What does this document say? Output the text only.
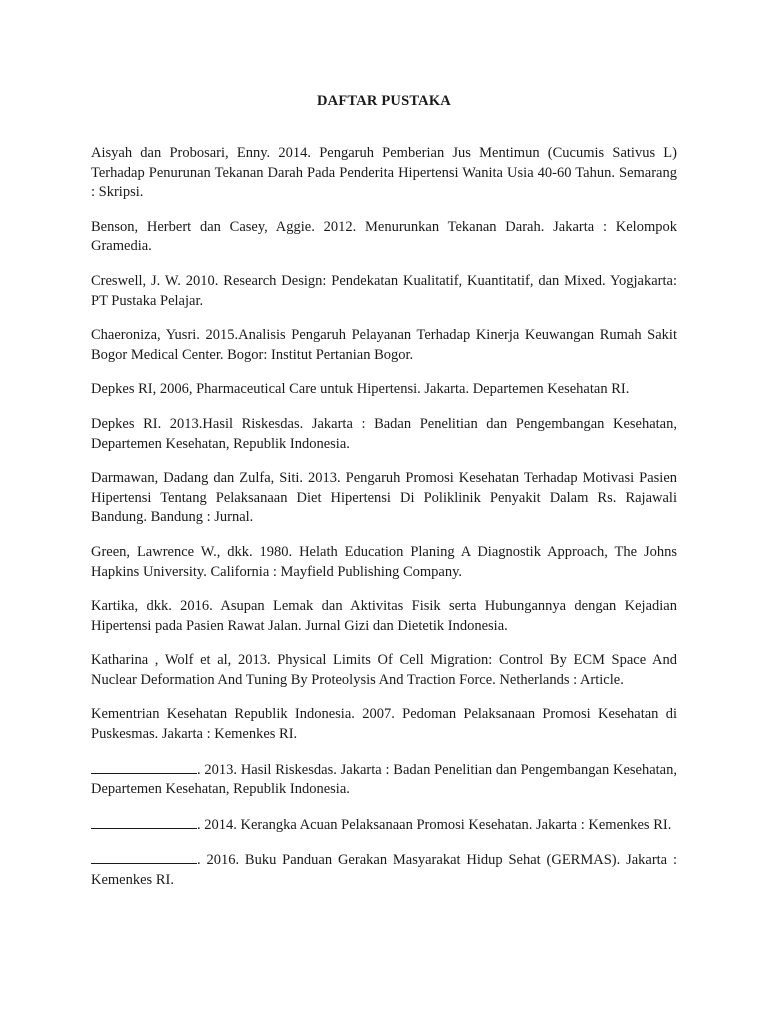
DAFTAR PUSTAKA

Aisyah dan Probosari, Enny. 2014. Pengaruh Pemberian Jus Mentimun (Cucumis Sativus L) Terhadap Penurunan Tekanan Darah Pada Penderita Hipertensi Wanita Usia 40-60 Tahun. Semarang : Skripsi.

Benson, Herbert dan Casey, Aggie. 2012. Menurunkan Tekanan Darah. Jakarta : Kelompok Gramedia.

Creswell, J. W. 2010. Research Design: Pendekatan Kualitatif, Kuantitatif, dan Mixed. Yogjakarta: PT Pustaka Pelajar.

Chaeroniza, Yusri. 2015.Analisis Pengaruh Pelayanan Terhadap Kinerja Keuwangan Rumah Sakit Bogor Medical Center. Bogor: Institut Pertanian Bogor.

Depkes RI, 2006, Pharmaceutical Care untuk Hipertensi. Jakarta. Departemen Kesehatan RI.

Depkes RI. 2013.Hasil Riskesdas. Jakarta : Badan Penelitian dan Pengembangan Kesehatan, Departemen Kesehatan, Republik Indonesia.

Darmawan, Dadang dan Zulfa, Siti. 2013. Pengaruh Promosi Kesehatan Terhadap Motivasi Pasien Hipertensi Tentang Pelaksanaan Diet Hipertensi Di Poliklinik Penyakit Dalam Rs. Rajawali Bandung. Bandung : Jurnal.

Green, Lawrence W., dkk. 1980. Helath Education Planing A Diagnostik Approach, The Johns Hapkins University. California : Mayfield Publishing Company.

Kartika, dkk. 2016. Asupan Lemak dan Aktivitas Fisik serta Hubungannya dengan Kejadian Hipertensi pada Pasien Rawat Jalan. Jurnal Gizi dan Dietetik Indonesia.

Katharina , Wolf et al, 2013. Physical Limits Of Cell Migration: Control By ECM Space And Nuclear Deformation And Tuning By Proteolysis And Traction Force. Netherlands : Article.

Kementrian Kesehatan Republik Indonesia. 2007. Pedoman Pelaksanaan Promosi Kesehatan di Puskesmas. Jakarta : Kemenkes RI.

. 2013. Hasil Riskesdas. Jakarta : Badan Penelitian dan Pengembangan Kesehatan, Departemen Kesehatan, Republik Indonesia.

. 2014. Kerangka Acuan Pelaksanaan Promosi Kesehatan. Jakarta : Kemenkes RI.

. 2016. Buku Panduan Gerakan Masyarakat Hidup Sehat (GERMAS). Jakarta : Kemenkes RI.
